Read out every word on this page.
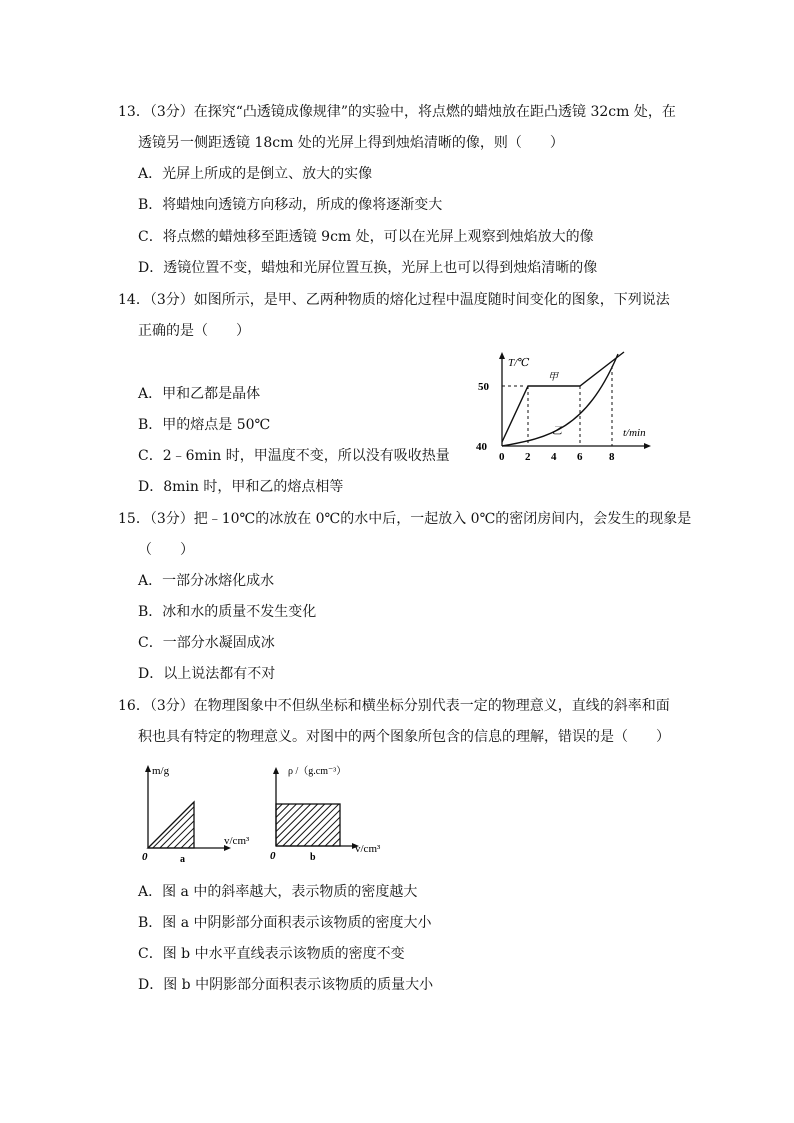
13．（3分）在探究“凸透镜成像规律”的实验中，将点燃的蜡烛放在距凸透镜 32cm 处，在
透镜另一侧距透镜 18cm 处的光屏上得到烛焰清晰的像，则（　　）
A．光屏上所成的是倒立、放大的实像
B．将蜡烛向透镜方向移动，所成的像将逐渐变大
C．将点燃的蜡烛移至距透镜 9cm 处，可以在光屏上观察到烛焰放大的像
D．透镜位置不变，蜡烛和光屏位置互换，光屏上也可以得到烛焰清晰的像
14．（3分）如图所示，是甲、乙两种物质的熔化过程中温度随时间变化的图象，下列说法
正确的是（　　）
A．甲和乙都是晶体
B．甲的熔点是 50℃
C．2﹣6min 时，甲温度不变，所以没有吸收热量
D．8min 时，甲和乙的熔点相等
T/℃
t/min
50
40
0 2 4 6 8
甲
乙
15．（3分）把﹣10℃的冰放在 0℃的水中后，一起放入 0℃的密闭房间内，会发生的现象是
（　　）
A．一部分冰熔化成水
B．冰和水的质量不发生变化
C．一部分水凝固成冰
D．以上说法都有不对
16．（3分）在物理图象中不但纵坐标和横坐标分别代表一定的物理意义，直线的斜率和面
积也具有特定的物理意义。对图中的两个图象所包含的信息的理解，错误的是（　　）
m/g
v/cm³
0	a
ρ /（g.cm⁻³）
v/cm³
0	b
A．图 a 中的斜率越大，表示物质的密度越大
B．图 a 中阴影部分面积表示该物质的密度大小
C．图 b 中水平直线表示该物质的密度不变
D．图 b 中阴影部分面积表示该物质的质量大小
